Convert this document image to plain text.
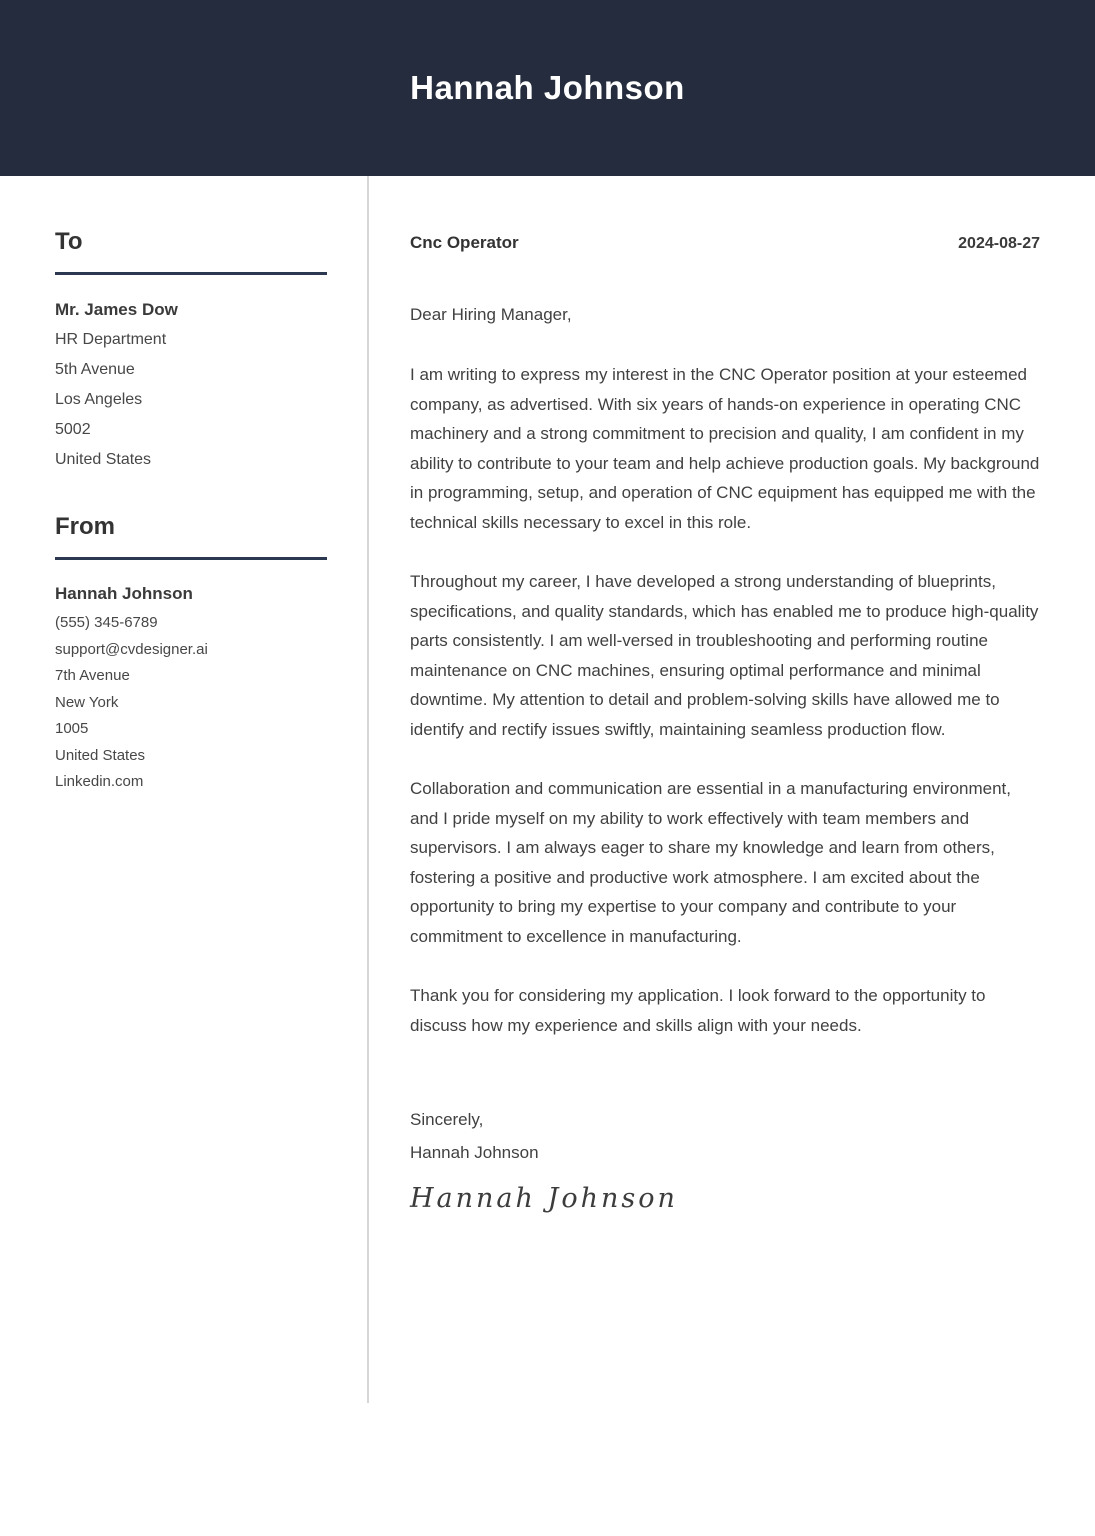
Hannah Johnson
To
Mr. James Dow
HR Department
5th Avenue
Los Angeles
5002
United States
From
Hannah Johnson
(555) 345-6789
support@cvdesigner.ai
7th Avenue
New York
1005
United States
Linkedin.com
Cnc Operator	2024-08-27
Dear Hiring Manager,

I am writing to express my interest in the CNC Operator position at your esteemed company, as advertised. With six years of hands-on experience in operating CNC machinery and a strong commitment to precision and quality, I am confident in my ability to contribute to your team and help achieve production goals. My background in programming, setup, and operation of CNC equipment has equipped me with the technical skills necessary to excel in this role.

Throughout my career, I have developed a strong understanding of blueprints, specifications, and quality standards, which has enabled me to produce high-quality parts consistently. I am well-versed in troubleshooting and performing routine maintenance on CNC machines, ensuring optimal performance and minimal downtime. My attention to detail and problem-solving skills have allowed me to identify and rectify issues swiftly, maintaining seamless production flow.

Collaboration and communication are essential in a manufacturing environment, and I pride myself on my ability to work effectively with team members and supervisors. I am always eager to share my knowledge and learn from others, fostering a positive and productive work atmosphere. I am excited about the opportunity to bring my expertise to your company and contribute to your commitment to excellence in manufacturing.

Thank you for considering my application. I look forward to the opportunity to discuss how my experience and skills align with your needs.

Sincerely,
Hannah Johnson
Hannah Johnson
